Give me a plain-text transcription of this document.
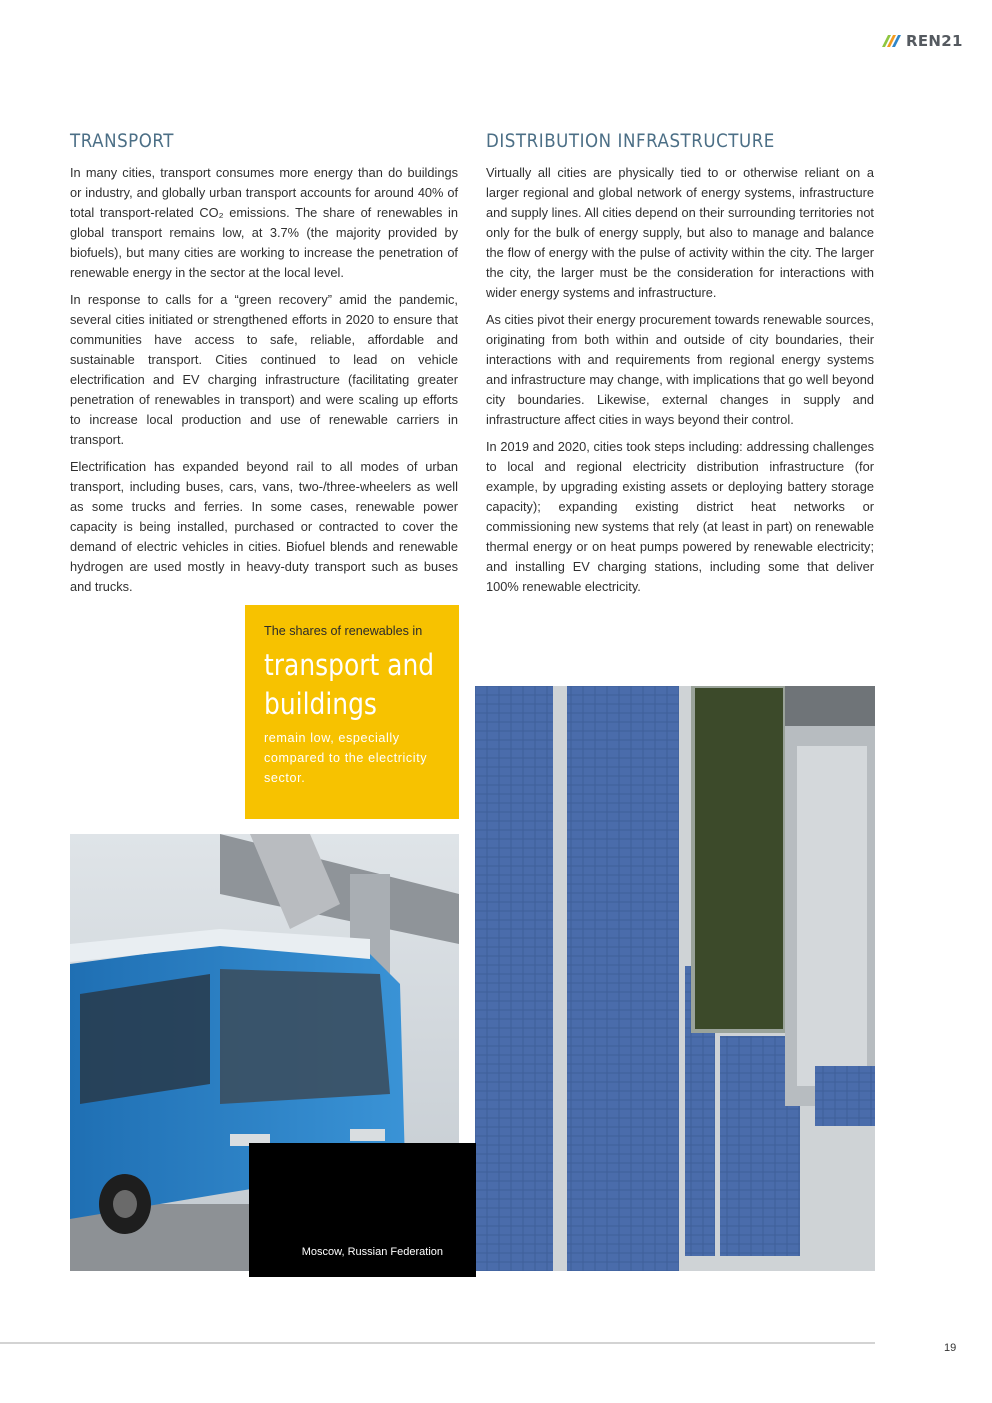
REN21
TRANSPORT

In many cities, transport consumes more energy than do buildings or industry, and globally urban transport accounts for around 40% of total transport-related CO₂ emissions. The share of renewables in global transport remains low, at 3.7% (the majority provided by biofuels), but many cities are working to increase the penetration of renewable energy in the sector at the local level.

In response to calls for a “green recovery” amid the pandemic, several cities initiated or strengthened efforts in 2020 to ensure that communities have access to safe, reliable, affordable and sustainable transport. Cities continued to lead on vehicle electrification and EV charging infrastructure (facilitating greater penetration of renewables in transport) and were scaling up efforts to increase local production and use of renewable carriers in transport.

Electrification has expanded beyond rail to all modes of urban transport, including buses, cars, vans, two-/three-wheelers as well as some trucks and ferries. In some cases, renewable power capacity is being installed, purchased or contracted to cover the demand of electric vehicles in cities. Biofuel blends and renewable hydrogen are used mostly in heavy-duty transport such as buses and trucks.

DISTRIBUTION INFRASTRUCTURE

Virtually all cities are physically tied to or otherwise reliant on a larger regional and global network of energy systems, infrastructure and supply lines. All cities depend on their surrounding territories not only for the bulk of energy supply, but also to manage and balance the flow of energy with the pulse of activity within the city. The larger the city, the larger must be the consideration for interactions with wider energy systems and infrastructure.

As cities pivot their energy procurement towards renewable sources, originating from both within and outside of city boundaries, their interactions with and requirements from regional energy systems and infrastructure may change, with implications that go well beyond city boundaries. Likewise, external changes in supply and infrastructure affect cities in ways beyond their control.

In 2019 and 2020, cities took steps including: addressing challenges to local and regional electricity distribution infrastructure (for example, by upgrading existing assets or deploying battery storage capacity); expanding existing district heat networks or commissioning new systems that rely (at least in part) on renewable thermal energy or on heat pumps powered by renewable electricity; and installing EV charging stations, including some that deliver 100% renewable electricity.

The shares of renewables in
transport and
buildings
remain low, especially compared to the electricity sector.
Moscow, Russian Federation
19
